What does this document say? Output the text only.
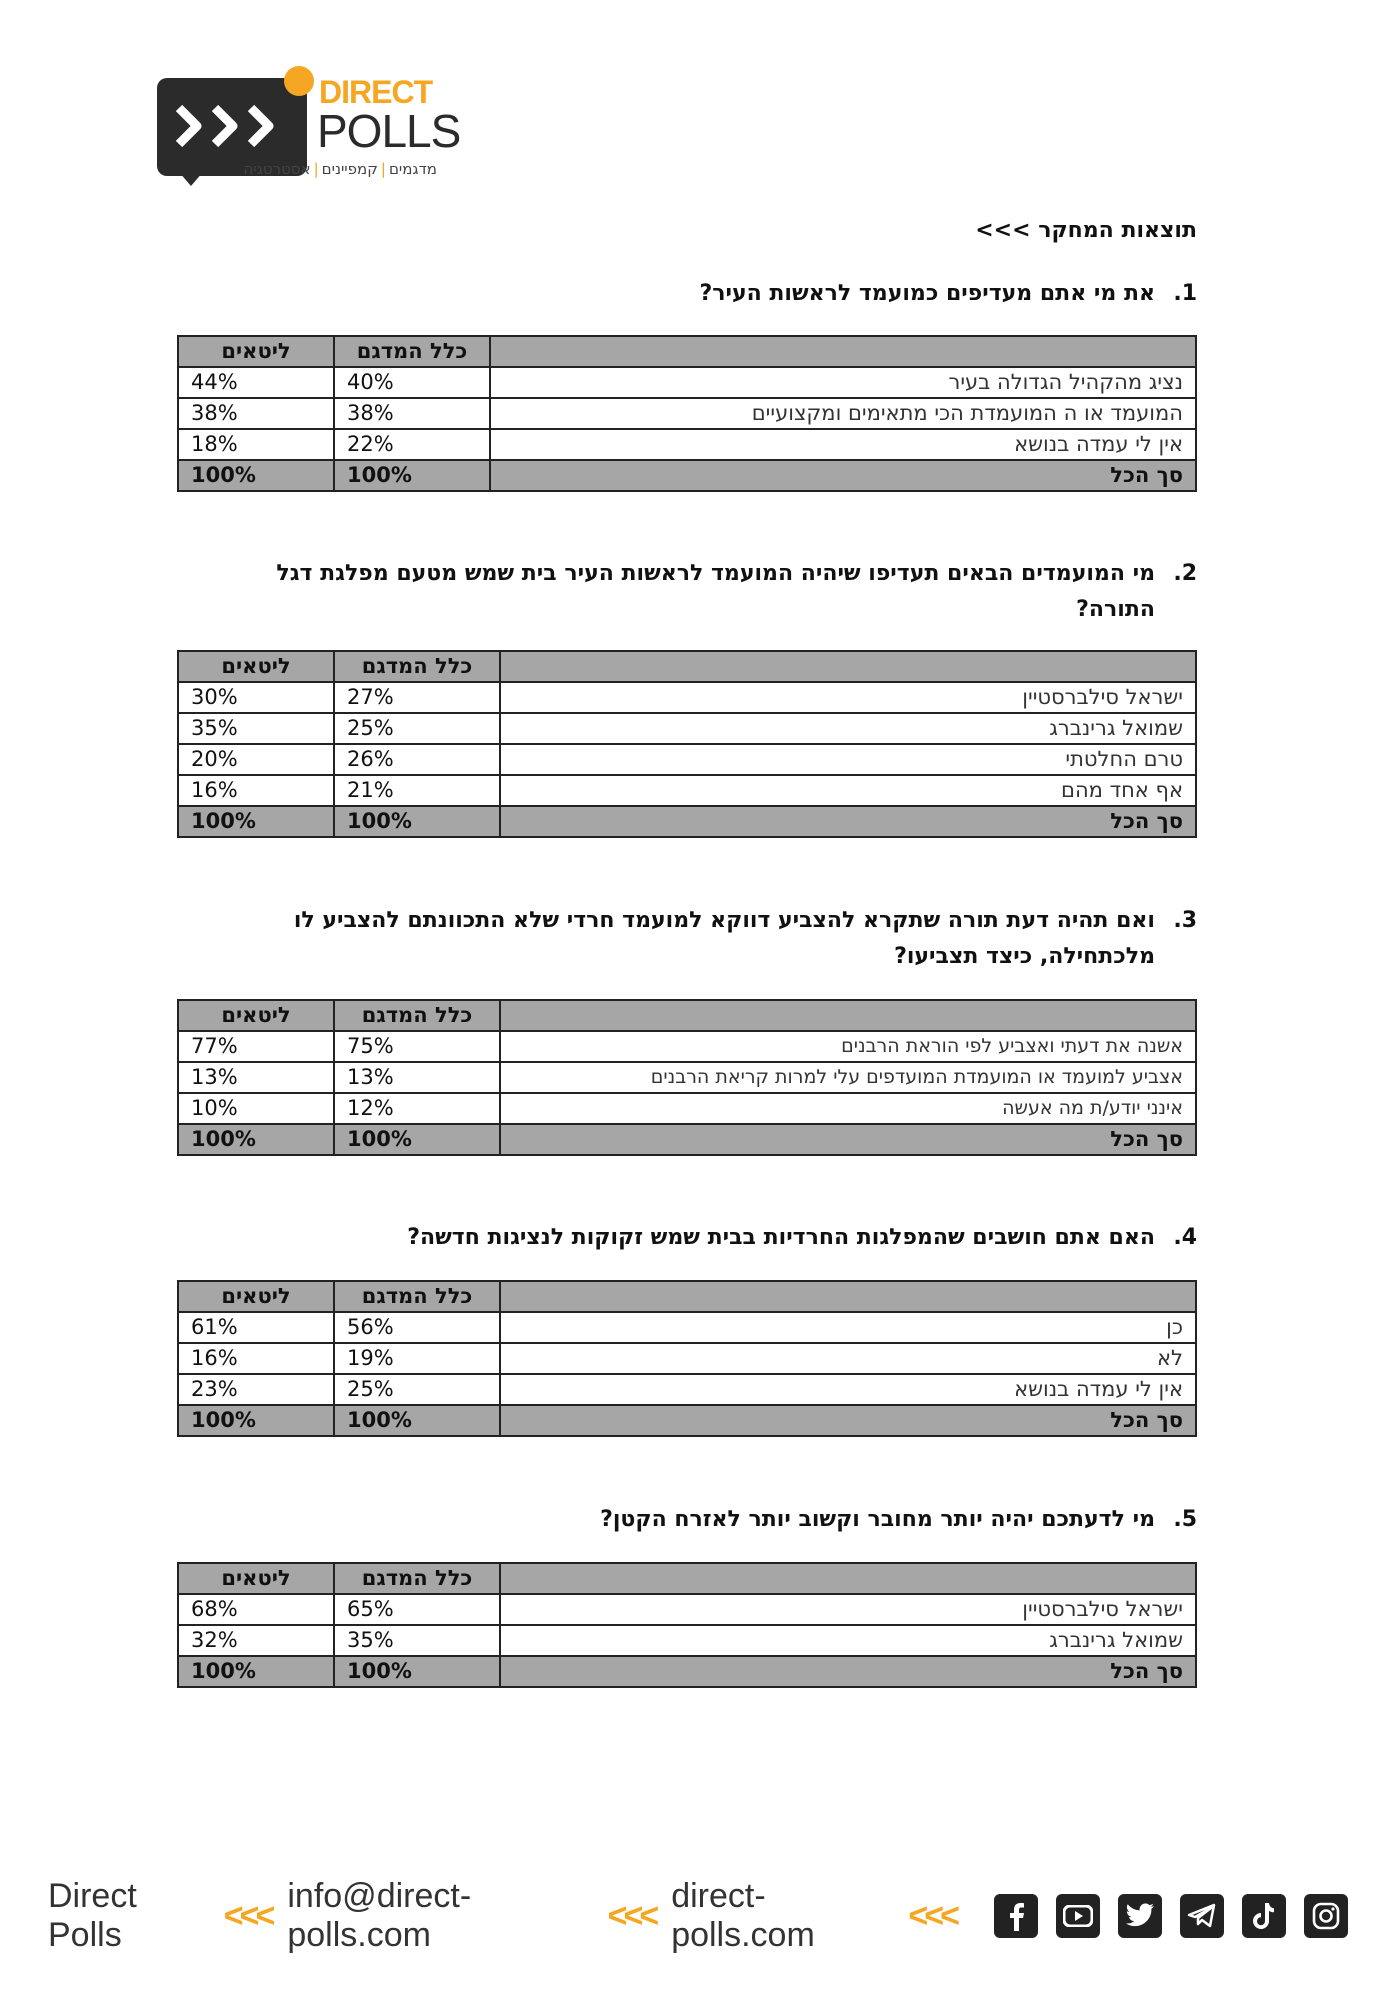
DIRECT
POLLS
מדגמים|קמפיינים|אסטרטגיה
תוצאות המחקר >>>
1.
את מי אתם מעדיפים כמועמד לראשות העיר?
	כלל המדגם	ליטאים
נציג מהקהיל הגדולה בעיר	40%	44%
המועמד או ה המועמדת הכי מתאימים ומקצועיים	38%	38%
אין לי עמדה בנושא	22%	18%
סך הכל	100%	100%
2.
מי המועמדים הבאים תעדיפו שיהיה המועמד לראשות העיר בית שמש מטעם מפלגת דגל התורה?
	כלל המדגם	ליטאים
ישראל סילברסטיין	27%	30%
שמואל גרינברג	25%	35%
טרם החלטתי	26%	20%
אף אחד מהם	21%	16%
סך הכל	100%	100%
3.
ואם תהיה דעת תורה שתקרא להצביע דווקא למועמד חרדי שלא התכוונתם להצביע לו מלכתחילה, כיצד תצביעו?
	כלל המדגם	ליטאים
אשנה את דעתי ואצביע לפי הוראת הרבנים	75%	77%
אצביע למועמד או המועמדת המועדפים עלי למרות קריאת הרבנים	13%	13%
אינני יודע/ת מה אעשה	12%	10%
סך הכל	100%	100%
4.
האם אתם חושבים שהמפלגות החרדיות בבית שמש זקוקות לנציגות חדשה?
	כלל המדגם	ליטאים
כן	56%	61%
לא	19%	16%
אין לי עמדה בנושא	25%	23%
סך הכל	100%	100%
5.
מי לדעתכם יהיה יותר מחובר וקשוב יותר לאזרח הקטן?
	כלל המדגם	ליטאים
ישראל סילברסטיין	65%	68%
שמואל גרינברג	35%	32%
סך הכל	100%	100%
Direct Polls
<<<
info@direct-polls.com
<<<
direct-polls.com
<<<
